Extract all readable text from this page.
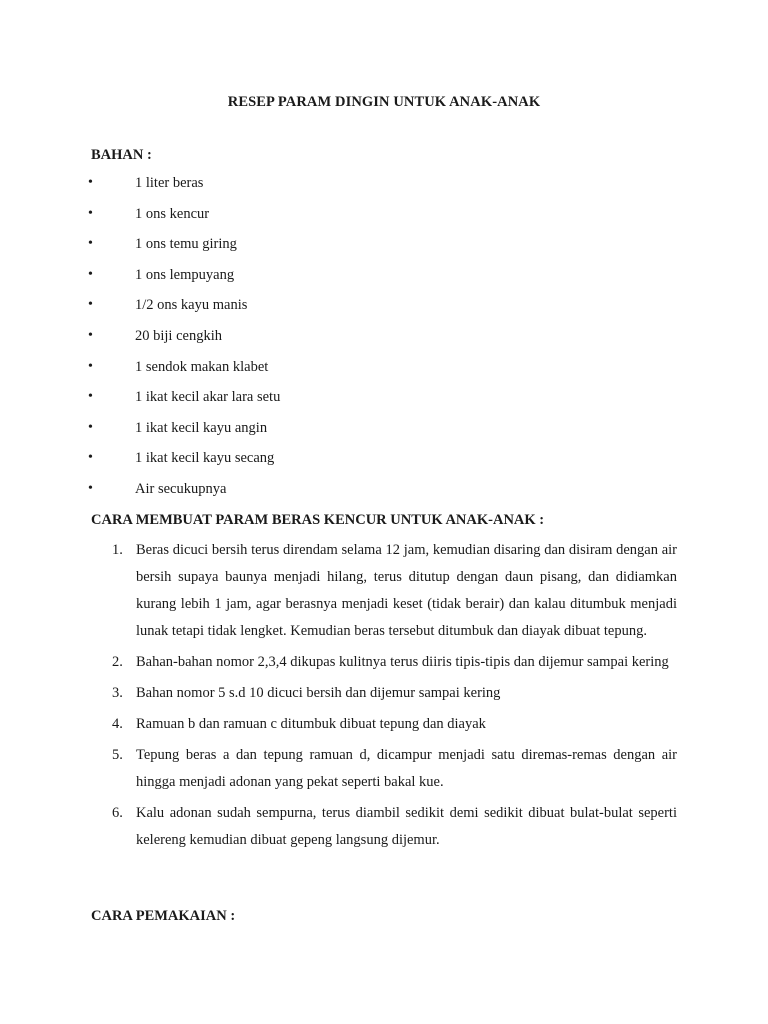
RESEP PARAM DINGIN UNTUK ANAK-ANAK
BAHAN :
•	1 liter beras
•	1 ons kencur
•	1 ons temu giring
•	1 ons lempuyang
•	1/2 ons kayu manis
•	20 biji cengkih
•	1 sendok makan klabet
•	1 ikat kecil akar lara setu
•	1 ikat kecil kayu angin
•	1 ikat kecil kayu secang
•	Air secukupnya
CARA MEMBUAT PARAM BERAS KENCUR UNTUK ANAK-ANAK :
1. Beras dicuci bersih terus direndam selama 12 jam, kemudian disaring dan disiram dengan air bersih supaya baunya menjadi hilang, terus ditutup dengan daun pisang, dan didiamkan kurang lebih 1 jam, agar berasnya menjadi keset (tidak berair) dan kalau ditumbuk menjadi lunak tetapi tidak lengket. Kemudian beras tersebut ditumbuk dan diayak dibuat tepung.
2. Bahan-bahan nomor 2,3,4 dikupas kulitnya terus diiris tipis-tipis dan dijemur sampai kering
3. Bahan nomor 5 s.d 10 dicuci bersih dan dijemur sampai kering
4. Ramuan b dan ramuan c ditumbuk dibuat tepung dan diayak
5. Tepung beras a dan tepung ramuan d, dicampur menjadi satu diremas-remas dengan air hingga menjadi adonan yang pekat seperti bakal kue.
6. Kalu adonan sudah sempurna, terus diambil sedikit demi sedikit dibuat bulat-bulat seperti kelereng kemudian dibuat gepeng langsung dijemur.
CARA PEMAKAIAN :
